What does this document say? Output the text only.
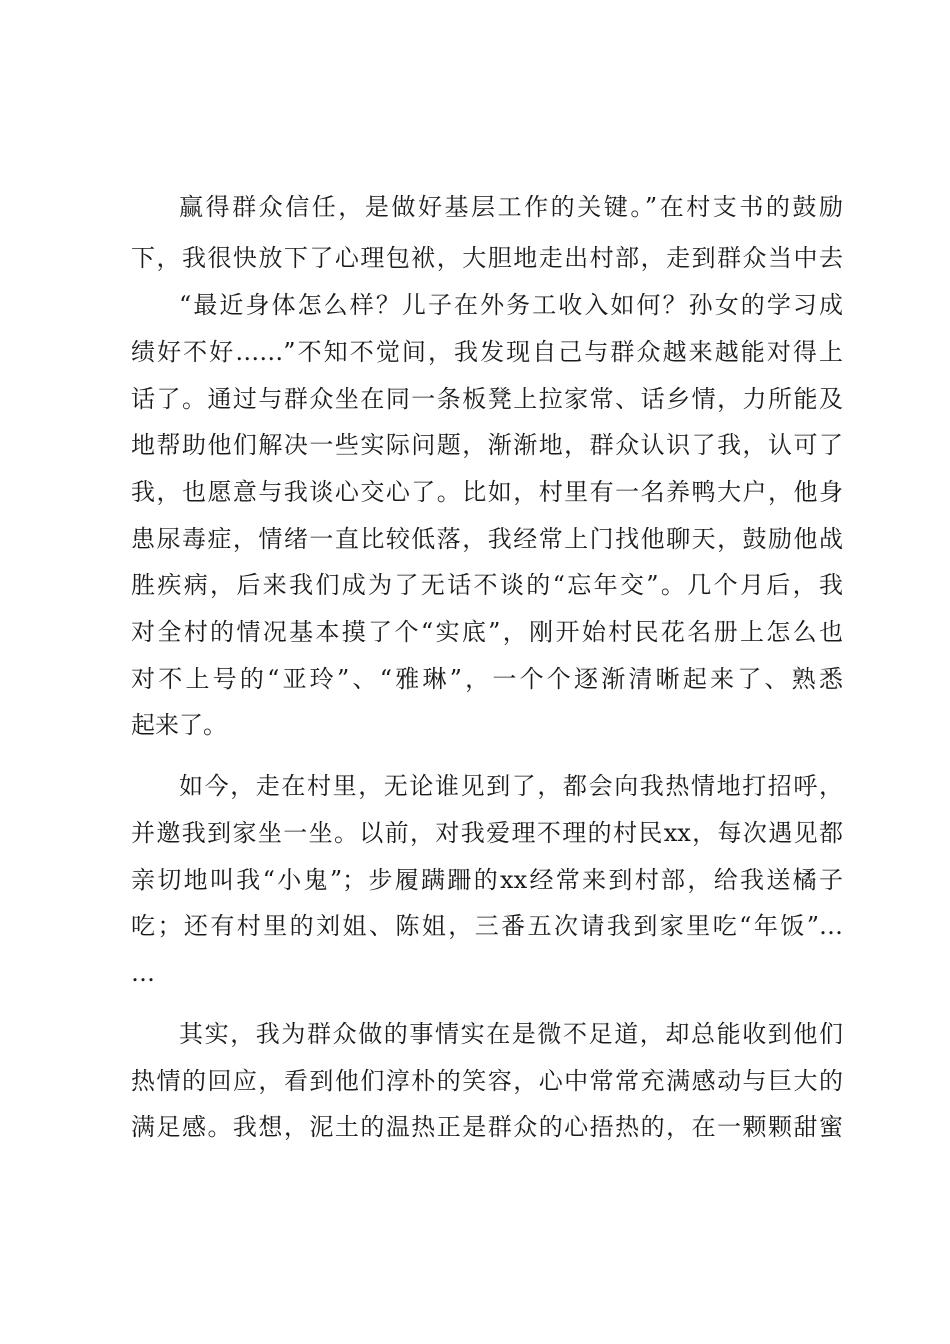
赢得群众信任，是做好基层工作的关键。”在村支书的鼓励
下，我很快放下了心理包袱，大胆地走出村部，走到群众当中去
“最近身体怎么样？儿子在外务工收入如何？孙女的学习成
绩好不好……”不知不觉间，我发现自己与群众越来越能对得上
话了。通过与群众坐在同一条板凳上拉家常、话乡情，力所能及
地帮助他们解决一些实际问题，渐渐地，群众认识了我，认可了
我，也愿意与我谈心交心了。比如，村里有一名养鸭大户，他身
患尿毒症，情绪一直比较低落，我经常上门找他聊天，鼓励他战
胜疾病，后来我们成为了无话不谈的“忘年交”。几个月后，我
对全村的情况基本摸了个“实底”，刚开始村民花名册上怎么也
对不上号的“亚玲”、“雅琳”，一个个逐渐清晰起来了、熟悉
起来了。
如今，走在村里，无论谁见到了，都会向我热情地打招呼，
并邀我到家坐一坐。以前，对我爱理不理的村民xx，每次遇见都
亲切地叫我“小鬼”；步履蹒跚的xx经常来到村部，给我送橘子
吃；还有村里的刘姐、陈姐，三番五次请我到家里吃“年饭”…
…
其实，我为群众做的事情实在是微不足道，却总能收到他们
热情的回应，看到他们淳朴的笑容，心中常常充满感动与巨大的
满足感。我想，泥土的温热正是群众的心捂热的，在一颗颗甜蜜
